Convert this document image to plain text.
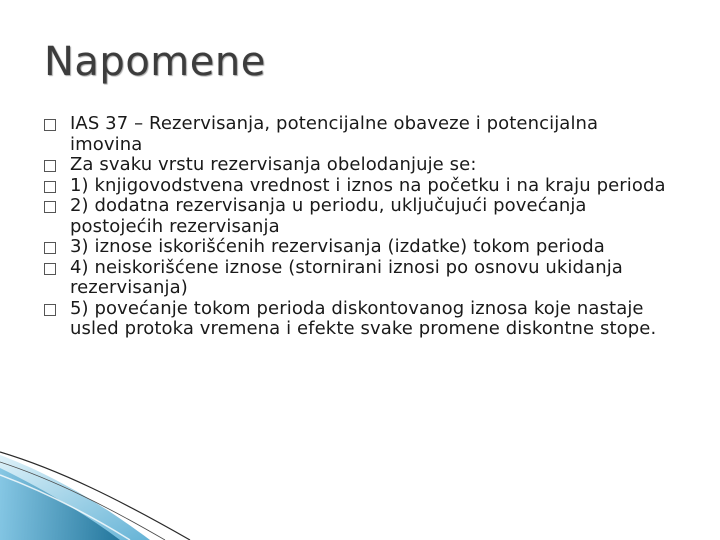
Napomene
IAS 37 – Rezervisanja, potencijalne obaveze i potencijalna imovina
Za svaku vrstu rezervisanja obelodanjuje se:
1) knjigovodstvena vrednost i iznos na početku i na kraju perioda
2) dodatna rezervisanja u periodu, uključujući povećanja postojećih rezervisanja
3) iznose iskorišćenih rezervisanja (izdatke) tokom perioda
4) neiskorišćene iznose (stornirani iznosi po osnovu ukidanja rezervisanja)
5) povećanje tokom perioda diskontovanog iznosa koje nastaje usled protoka vremena i efekte svake promene diskontne stope.
